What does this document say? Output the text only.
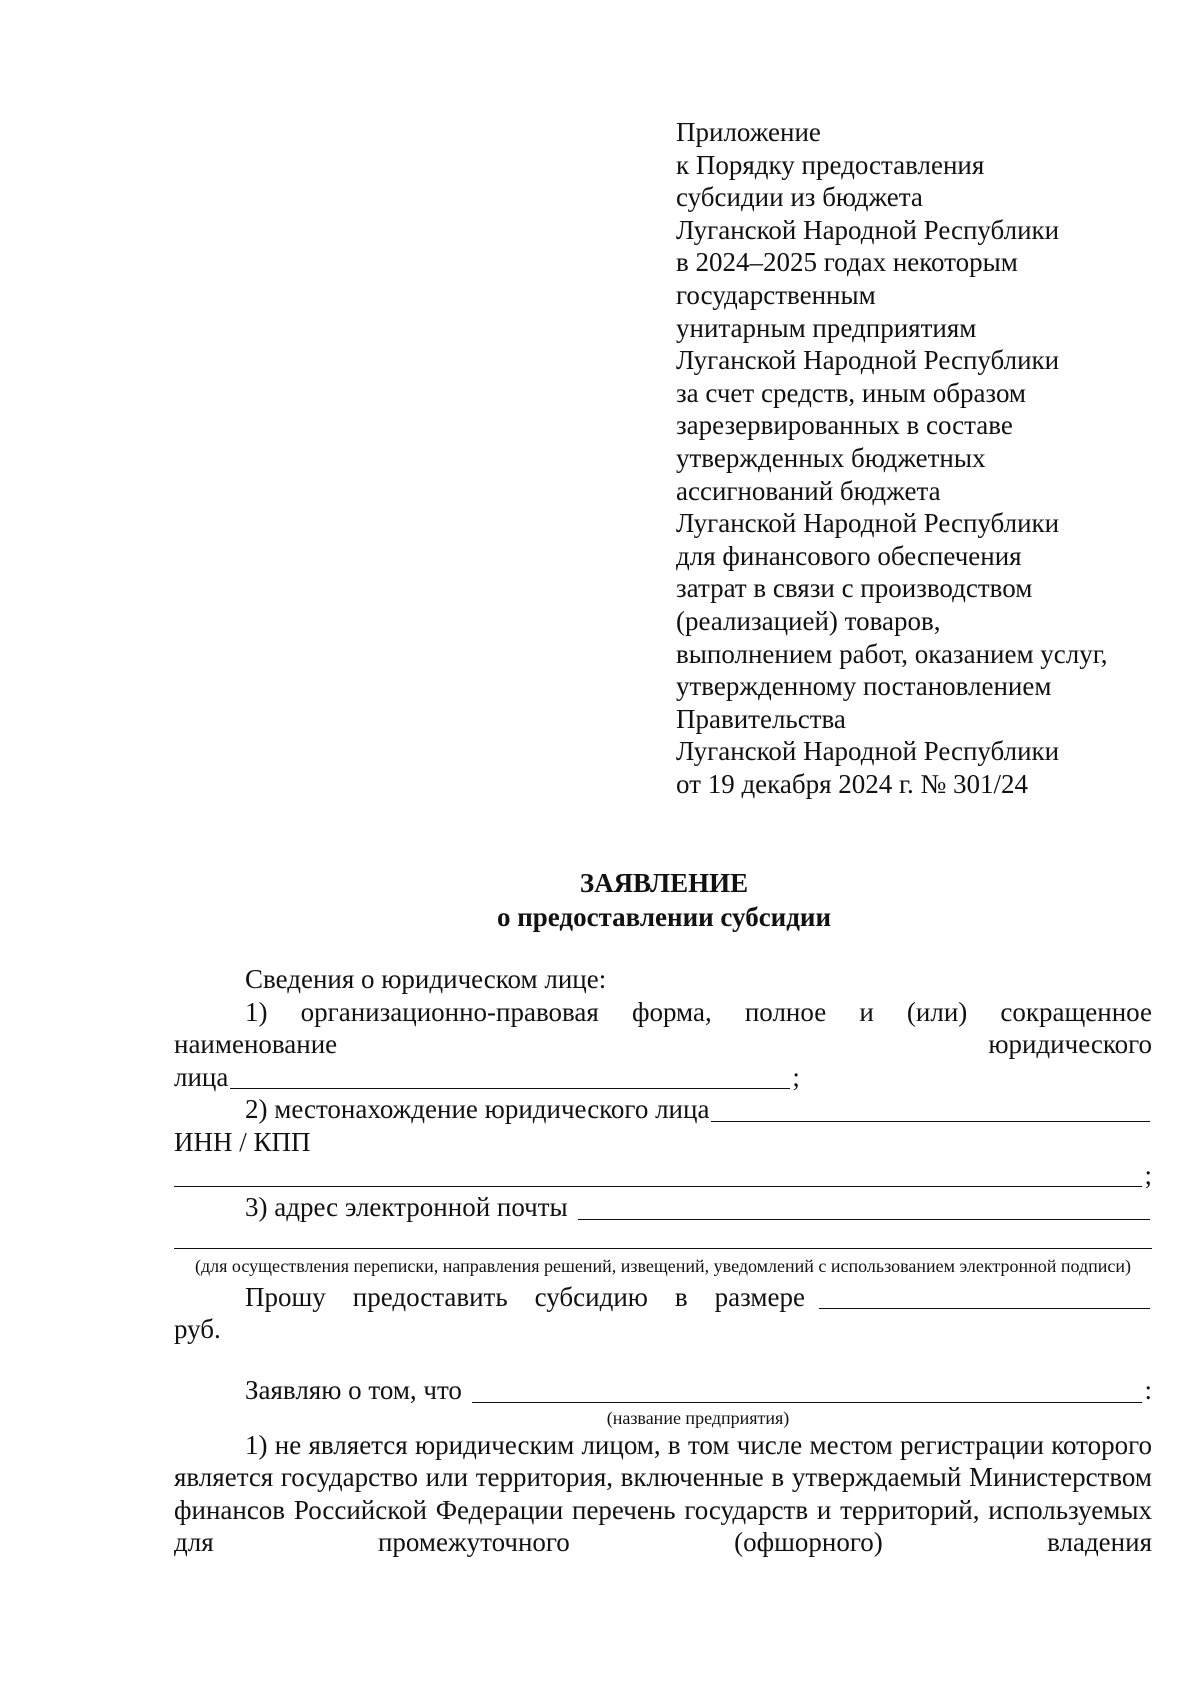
Приложение
к Порядку предоставления
субсидии из бюджета
Луганской Народной Республики
в 2024–2025 годах некоторым
государственным
унитарным предприятиям
Луганской Народной Республики
за счет средств, иным образом
зарезервированных в составе
утвержденных бюджетных
ассигнований бюджета
Луганской Народной Республики
для финансового обеспечения
затрат в связи с производством
(реализацией) товаров,
выполнением работ, оказанием услуг,
утвержденному постановлением
Правительства
Луганской Народной Республики
от 19 декабря 2024 г. № 301/24
ЗАЯВЛЕНИЕ
о предоставлении субсидии
Сведения о юридическом лице:
1) организационно-правовая форма, полное и (или) сокращенное
наименование юридического
лица	;
2) местонахождение юридического лица
ИНН / КПП
;
3) адрес электронной почты
(для осуществления переписки, направления решений, извещений, уведомлений с использованием электронной подписи)
Прошу предоставить субсидию в размере
руб.
Заявляю о том, что	:
(название предприятия)
1) не является юридическим лицом, в том числе местом регистрации которого является государство или территория, включенные в утверждаемый Министерством финансов Российской Федерации перечень государств и территорий, используемых для промежуточного (офшорного) владения
